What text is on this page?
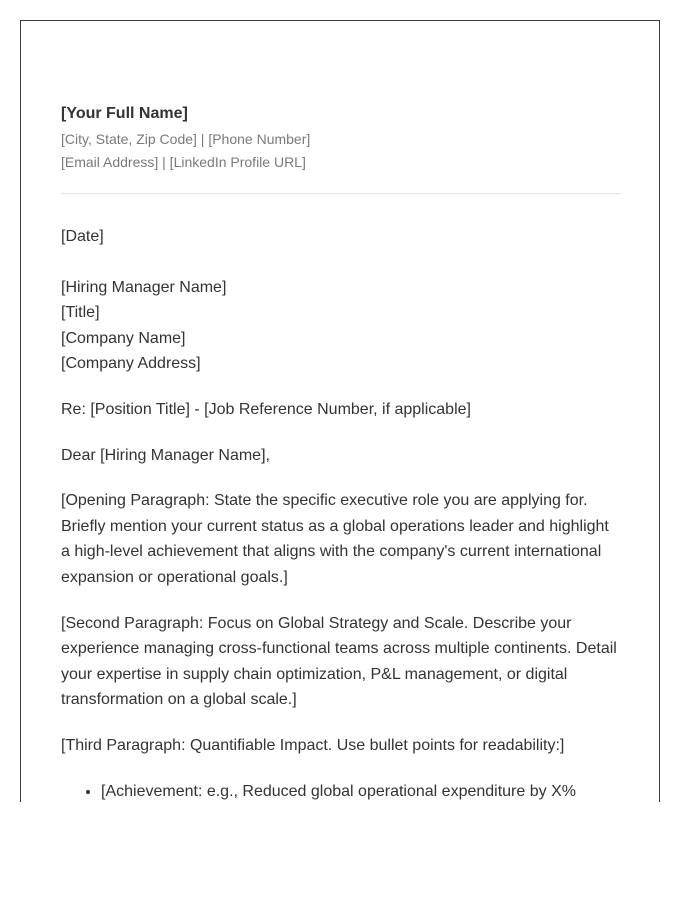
[Your Full Name]
[City, State, Zip Code] | [Phone Number]
[Email Address] | [LinkedIn Profile URL]
[Date]
[Hiring Manager Name]
[Title]
[Company Name]
[Company Address]

Re: [Position Title] - [Job Reference Number, if applicable]

Dear [Hiring Manager Name],

[Opening Paragraph: State the specific executive role you are applying for. Briefly mention your current status as a global operations leader and highlight a high-level achievement that aligns with the company's current international expansion or operational goals.]

[Second Paragraph: Focus on Global Strategy and Scale. Describe your experience managing cross-functional teams across multiple continents. Detail your expertise in supply chain optimization, P&L management, or digital transformation on a global scale.]

[Third Paragraph: Quantifiable Impact. Use bullet points for readability:]

• [Achievement: e.g., Reduced global operational expenditure by X%
